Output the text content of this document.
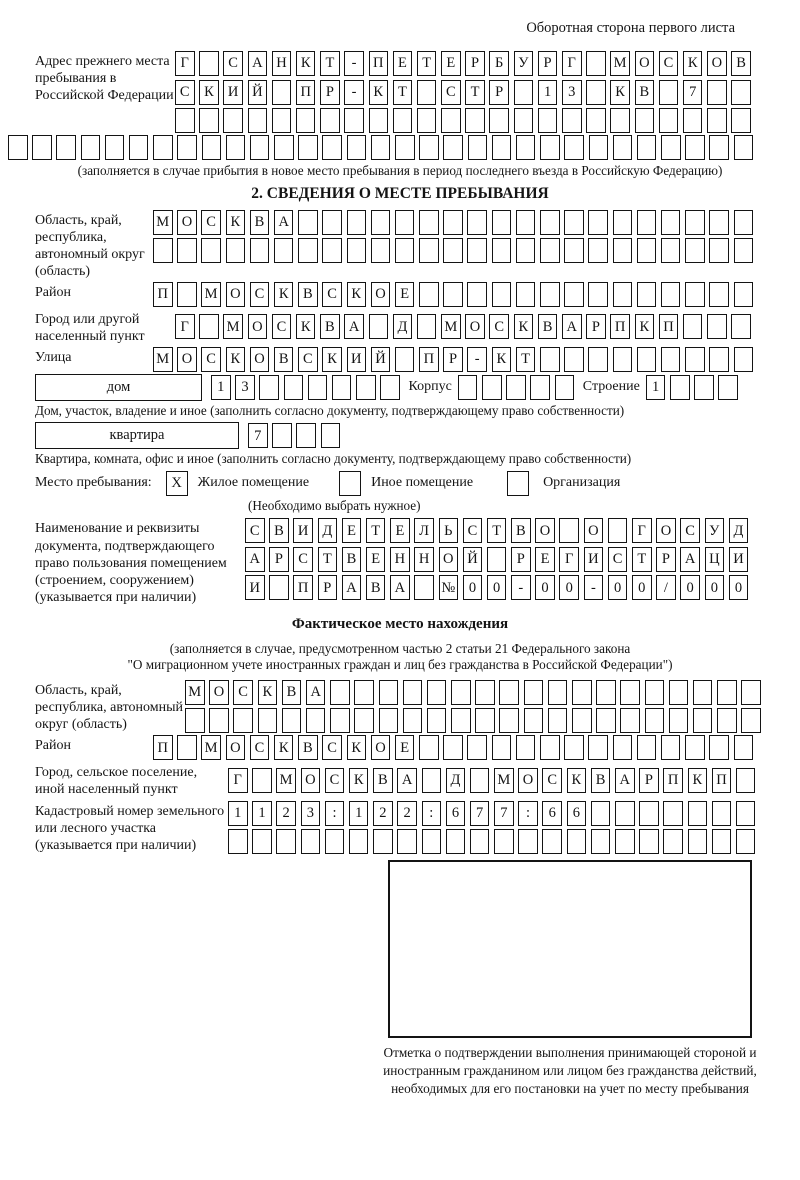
Оборотная сторона первого листа
Адрес прежнего места пребывания в Российской Федерации
Г	С А Н К	Т	-	П	Е	Т	Е	Р	Б	У	Р	Г	М О С	К О В
С	К И Й	П	Р	-	К	Т	С	Т	Р	1	3	К	В	7
(заполняется в случае прибытия в новое место пребывания в период последнего въезда в Российскую Федерацию)
2. СВЕДЕНИЯ О МЕСТЕ ПРЕБЫВАНИЯ
Область, край, республика, автономный округ (область)
М О С	К	В А
Район	П	М О С	К	В	С	К О	Е
Город или другой населенный пункт
Г	М О С	К	В А	Д	М О С	К	В А	Р	П К П
Улица	М О С	К О В	С	К И Й	П	Р	-	К	Т
дом	1	3	Корпус	Строение 1
Дом, участок, владение и иное (заполнить согласно документу, подтверждающему право собственности)
квартира	7
Квартира, комната, офис и иное (заполнить согласно документу, подтверждающему право собственности)
Место пребывания:	X	Жилое помещение	Иное помещение	Организация
(Необходимо выбрать нужное)
Наименование и реквизиты документа, подтверждающего право пользования помещением (строением, сооружением) (указывается при наличии)
С	В И Д	Е	Т	Е	Л	Ь	С	Т	В О	О	Г	О С У Д
А	Р	С	Т	В	Е	Н Н О Й	Р	Е	Г	И С	Т	Р	А Ц И
И	П	Р	А В А	№ 0	0	-	0	0	-	0	0	/	0	0	0
Фактическое место нахождения
(заполняется в случае, предусмотренном частью 2 статьи 21 Федерального закона
"О миграционном учете иностранных граждан и лиц без гражданства в Российской Федерации")
Область, край, республика, автономный округ (область)
М О С	К	В А
Район	П	М О С	К	В	С	К О	Е
Город, сельское поселение, иной населенный пункт
Г	М О С	К	В А	Д	М О С	К	В А	Р	П К П
Кадастровый номер земельного или лесного участка (указывается при наличии)
1	1	2	3	:	1	2	2	:	6	7	7	:	6	6
Отметка о подтверждении выполнения принимающей стороной и иностранным гражданином или лицом без гражданства действий, необходимых для его постановки на учет по месту пребывания
